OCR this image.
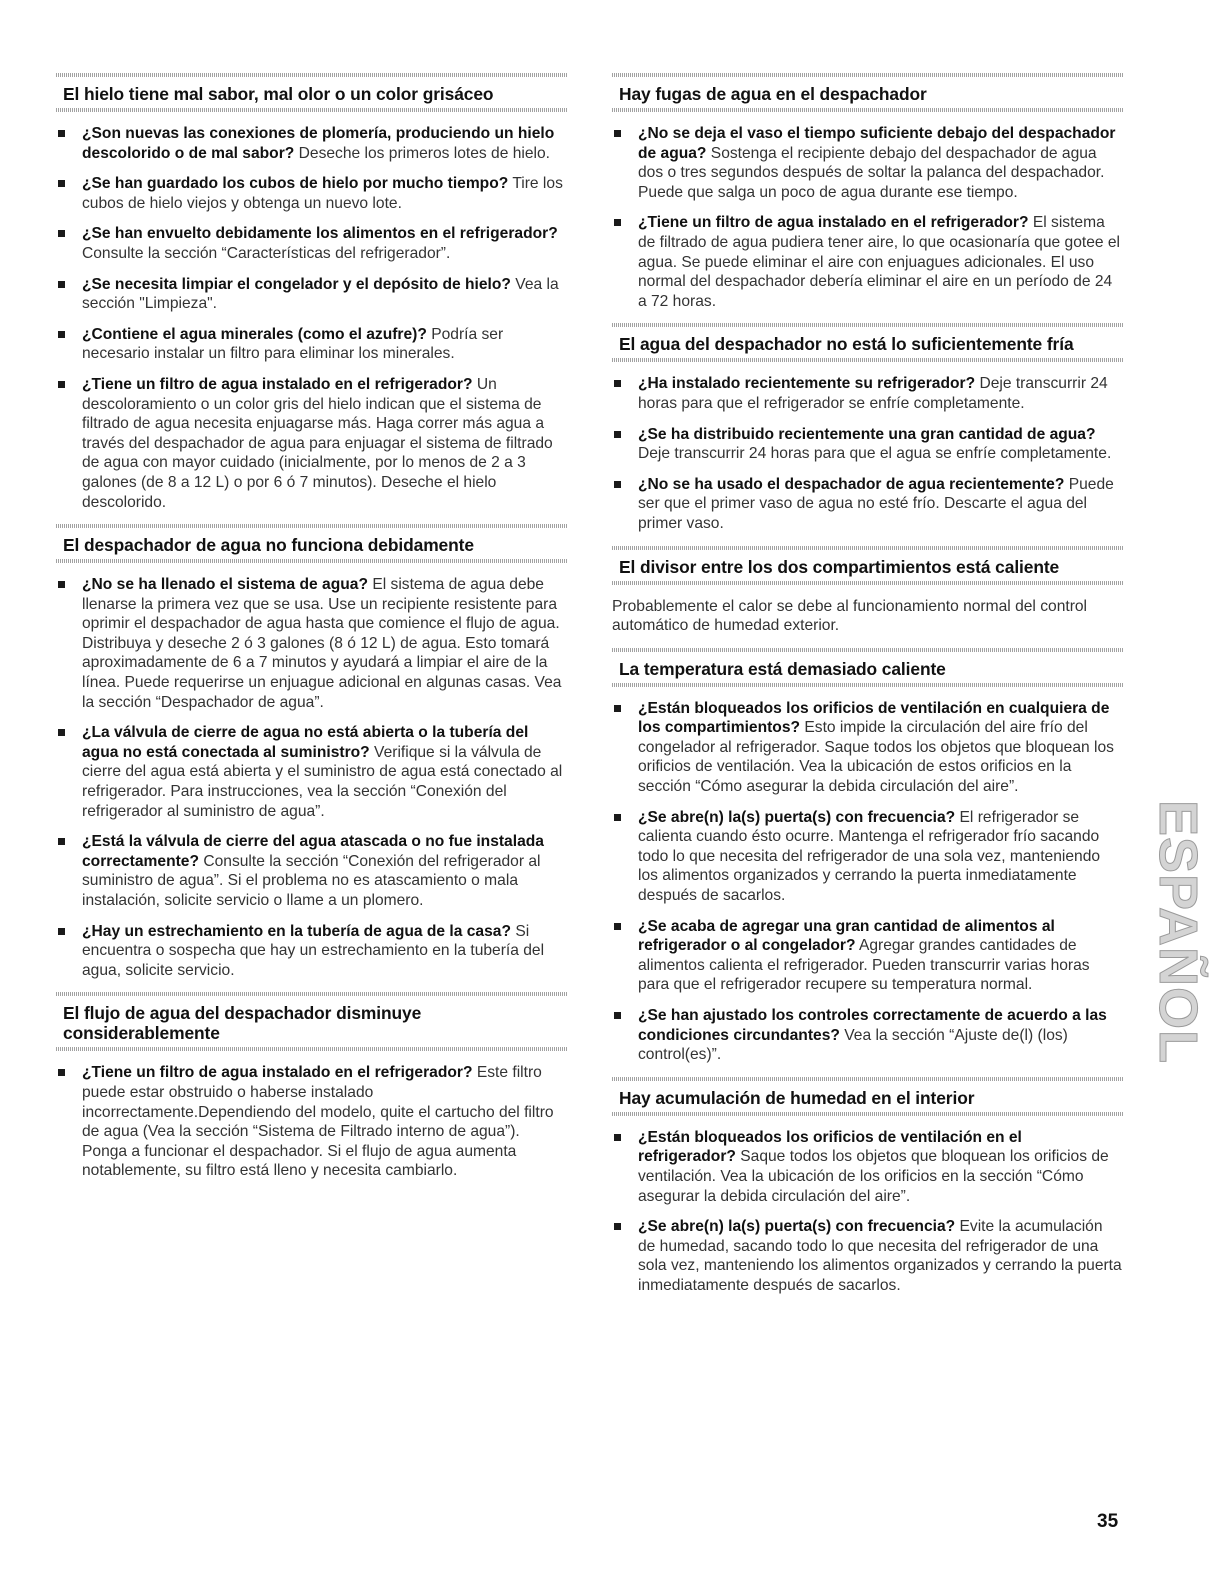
El hielo tiene mal sabor, mal olor o un color grisáceo
¿Son nuevas las conexiones de plomería, produciendo un hielo descolorido o de mal sabor? Deseche los primeros lotes de hielo.
¿Se han guardado los cubos de hielo por mucho tiempo? Tire los cubos de hielo viejos y obtenga un nuevo lote.
¿Se han envuelto debidamente los alimentos en el refrigerador? Consulte la sección “Características del refrigerador”.
¿Se necesita limpiar el congelador y el depósito de hielo? Vea la sección "Limpieza".
¿Contiene el agua minerales (como el azufre)? Podría ser necesario instalar un filtro para eliminar los minerales.
¿Tiene un filtro de agua instalado en el refrigerador? Un descoloramiento o un color gris del hielo indican que el sistema de filtrado de agua necesita enjuagarse más. Haga correr más agua a través del despachador de agua para enjuagar el sistema de filtrado de agua con mayor cuidado (inicialmente, por lo menos de 2 a 3 galones (de 8 a 12 L) o por 6 ó 7 minutos). Deseche el hielo descolorido.
El despachador de agua no funciona debidamente
¿No se ha llenado el sistema de agua? El sistema de agua debe llenarse la primera vez que se usa. Use un recipiente resistente para oprimir el despachador de agua hasta que comience el flujo de agua. Distribuya y deseche 2 ó 3 galones (8 ó 12 L) de agua. Esto tomará aproximadamente de 6 a 7 minutos y ayudará a limpiar el aire de la línea. Puede requerirse un enjuague adicional en algunas casas. Vea la sección “Despachador de agua”.
¿La válvula de cierre de agua no está abierta o la tubería del agua no está conectada al suministro? Verifique si la válvula de cierre del agua está abierta y el suministro de agua está conectado al refrigerador. Para instrucciones, vea la sección “Conexión del refrigerador al suministro de agua”.
¿Está la válvula de cierre del agua atascada o no fue instalada correctamente? Consulte la sección “Conexión del refrigerador al suministro de agua”. Si el problema no es atascamiento o mala instalación, solicite servicio o llame a un plomero.
¿Hay un estrechamiento en la tubería de agua de la casa? Si encuentra o sospecha que hay un estrechamiento en la tubería del agua, solicite servicio.
El flujo de agua del despachador disminuye considerablemente
¿Tiene un filtro de agua instalado en el refrigerador? Este filtro puede estar obstruido o haberse instalado incorrectamente.Dependiendo del modelo, quite el cartucho del filtro de agua (Vea la sección “Sistema de Filtrado interno de agua”). Ponga a funcionar el despachador. Si el flujo de agua aumenta notablemente, su filtro está lleno y necesita cambiarlo.
Hay fugas de agua en el despachador
¿No se deja el vaso el tiempo suficiente debajo del despachador de agua? Sostenga el recipiente debajo del despachador de agua dos o tres segundos después de soltar la palanca del despachador. Puede que salga un poco de agua durante ese tiempo.
¿Tiene un filtro de agua instalado en el refrigerador? El sistema de filtrado de agua pudiera tener aire, lo que ocasionaría que gotee el agua. Se puede eliminar el aire con enjuagues adicionales. El uso normal del despachador debería eliminar el aire en un período de 24 a 72 horas.
El agua del despachador no está lo suficientemente fría
¿Ha instalado recientemente su refrigerador? Deje transcurrir 24 horas para que el refrigerador se enfríe completamente.
¿Se ha distribuido recientemente una gran cantidad de agua? Deje transcurrir 24 horas para que el agua se enfríe completamente.
¿No se ha usado el despachador de agua recientemente? Puede ser que el primer vaso de agua no esté frío. Descarte el agua del primer vaso.
El divisor entre los dos compartimientos está caliente

Probablemente el calor se debe al funcionamiento normal del control automático de humedad exterior.

La temperatura está demasiado caliente
¿Están bloqueados los orificios de ventilación en cualquiera de los compartimientos? Esto impide la circulación del aire frío del congelador al refrigerador. Saque todos los objetos que bloquean los orificios de ventilación. Vea la ubicación de estos orificios en la sección “Cómo asegurar la debida circulación del aire”.
¿Se abre(n) la(s) puerta(s) con frecuencia? El refrigerador se calienta cuando ésto ocurre. Mantenga el refrigerador frío sacando todo lo que necesita del refrigerador de una sola vez, manteniendo los alimentos organizados y cerrando la puerta inmediatamente después de sacarlos.
¿Se acaba de agregar una gran cantidad de alimentos al refrigerador o al congelador? Agregar grandes cantidades de alimentos calienta el refrigerador. Pueden transcurrir varias horas para que el refrigerador recupere su temperatura normal.
¿Se han ajustado los controles correctamente de acuerdo a las condiciones circundantes? Vea la sección “Ajuste de(l) (los) control(es)”.
Hay acumulación de humedad en el interior
¿Están bloqueados los orificios de ventilación en el refrigerador? Saque todos los objetos que bloquean los orificios de ventilación. Vea la ubicación de los orificios en la sección “Cómo asegurar la debida circulación del aire”.
¿Se abre(n) la(s) puerta(s) con frecuencia? Evite la acumulación de humedad, sacando todo lo que necesita del refrigerador de una sola vez, manteniendo los alimentos organizados y cerrando la puerta inmediatamente después de sacarlos.
ESPAÑOL
35
